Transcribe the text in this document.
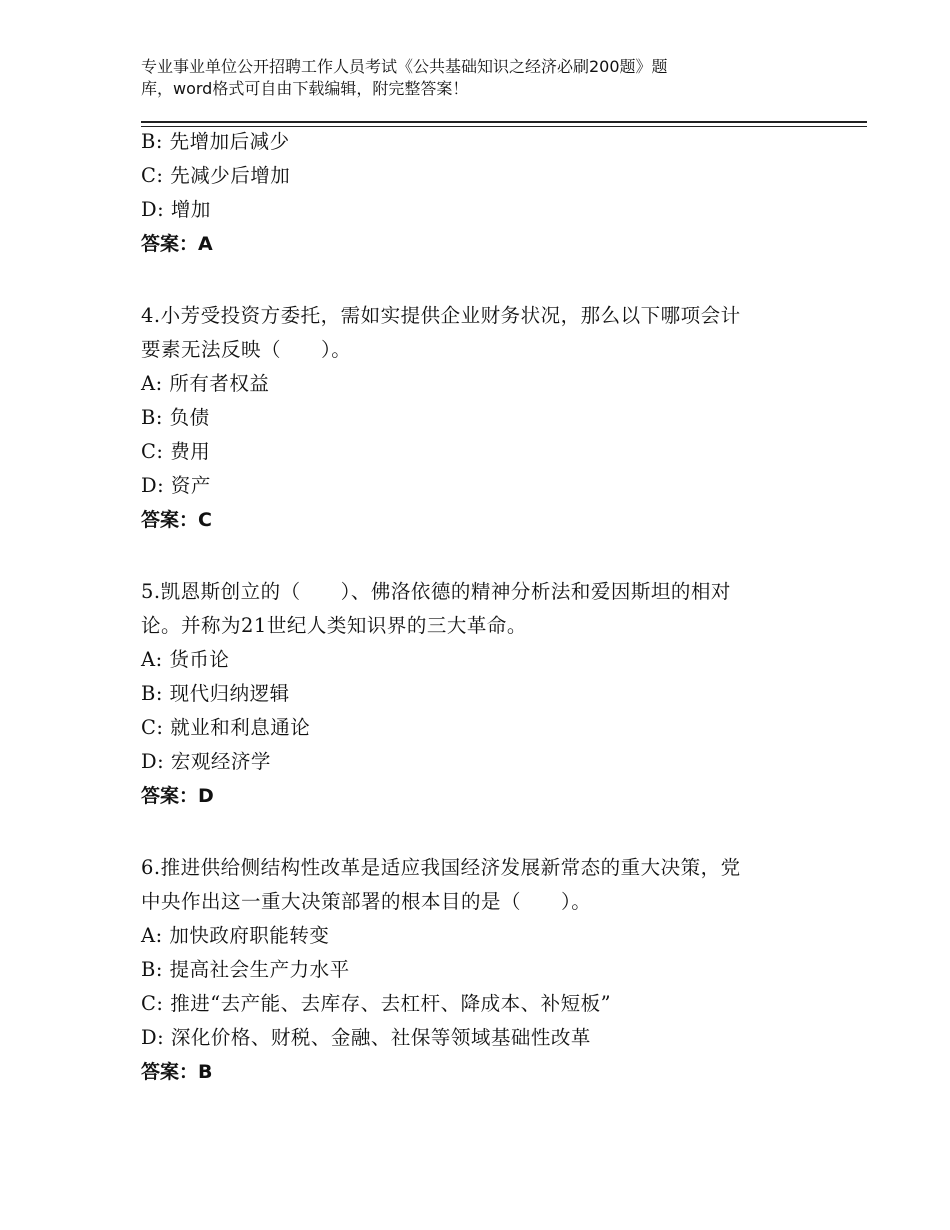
专业事业单位公开招聘工作人员考试《公共基础知识之经济必刷200题》题
库，word格式可自由下载编辑，附完整答案！
B: 先增加后减少
C: 先减少后增加
D: 增加
答案：A
4.小芳受投资方委托，需如实提供企业财务状况，那么以下哪项会计
要素无法反映（　　）。
A: 所有者权益
B: 负债
C: 费用
D: 资产
答案：C
5.凯恩斯创立的（　　）、佛洛依德的精神分析法和爱因斯坦的相对
论。并称为21世纪人类知识界的三大革命。
A: 货币论
B: 现代归纳逻辑
C: 就业和利息通论
D: 宏观经济学
答案：D
6.推进供给侧结构性改革是适应我国经济发展新常态的重大决策，党
中央作出这一重大决策部署的根本目的是（　　）。
A: 加快政府职能转变
B: 提高社会生产力水平
C: 推进“去产能、去库存、去杠杆、降成本、补短板”
D: 深化价格、财税、金融、社保等领域基础性改革
答案：B
